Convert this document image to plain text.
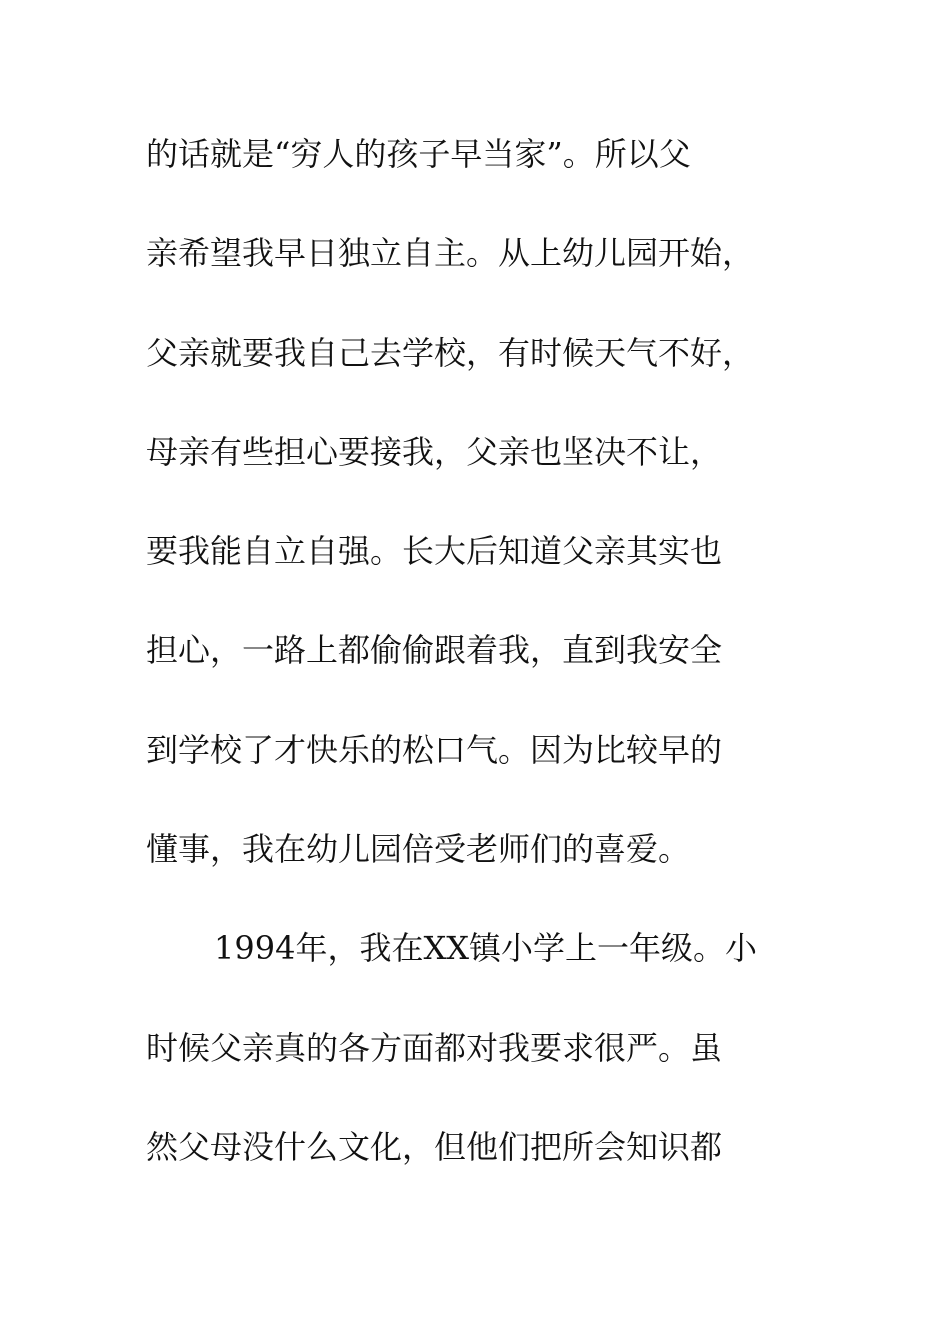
的话就是“穷人的孩子早当家”。所以父
亲希望我早日独立自主。从上幼儿园开始，
父亲就要我自己去学校，有时候天气不好，
母亲有些担心要接我，父亲也坚决不让，
要我能自立自强。长大后知道父亲其实也
担心，一路上都偷偷跟着我，直到我安全
到学校了才快乐的松口气。因为比较早的
懂事，我在幼儿园倍受老师们的喜爱。
1994年，我在XX镇小学上一年级。小
时候父亲真的各方面都对我要求很严。虽
然父母没什么文化，但他们把所会知识都
